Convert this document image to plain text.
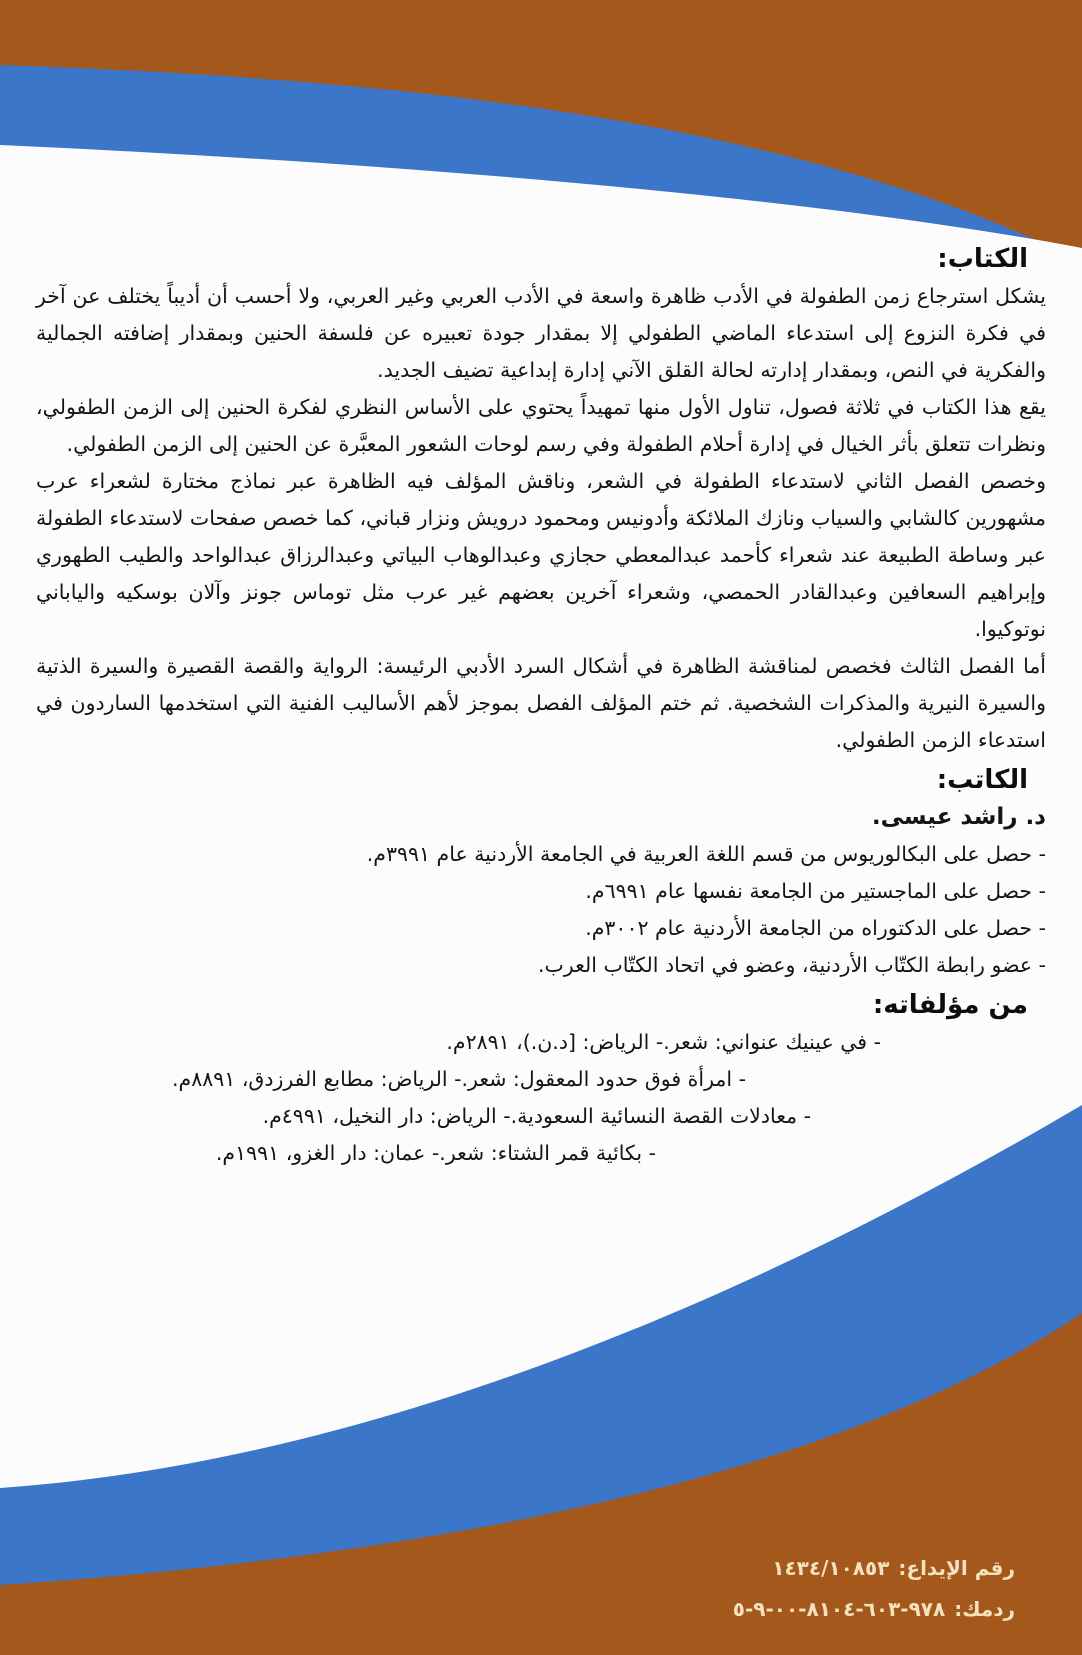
الكتاب:

يشكل استرجاع زمن الطفولة في الأدب ظاهرة واسعة في الأدب العربي وغير العربي، ولا أحسب أن أديباً يختلف عن آخر في فكرة النزوع إلى استدعاء الماضي الطفولي إلا بمقدار جودة تعبيره عن فلسفة الحنين وبمقدار إضافته الجمالية والفكرية في النص، وبمقدار إدارته لحالة القلق الآني إدارة إبداعية تضيف الجديد.

يقع هذا الكتاب في ثلاثة فصول، تناول الأول منها تمهيداً يحتوي على الأساس النظري لفكرة الحنين إلى الزمن الطفولي، ونظرات تتعلق بأثر الخيال في إدارة أحلام الطفولة وفي رسم لوحات الشعور المعبَّرة عن الحنين إلى الزمن الطفولي.

وخصص الفصل الثاني لاستدعاء الطفولة في الشعر، وناقش المؤلف فيه الظاهرة عبر نماذج مختارة لشعراء عرب مشهورين كالشابي والسياب ونازك الملائكة وأدونيس ومحمود درويش ونزار قباني، كما خصص صفحات لاستدعاء الطفولة عبر وساطة الطبيعة عند شعراء كأحمد عبدالمعطي حجازي وعبدالوهاب البياتي وعبدالرزاق عبدالواحد والطيب الطهوري وإبراهيم السعافين وعبدالقادر الحمصي، وشعراء آخرين بعضهم غير عرب مثل توماس جونز وآلان بوسكيه والياباني نوتوكيوا.

أما الفصل الثالث فخصص لمناقشة الظاهرة في أشكال السرد الأدبي الرئيسة: الرواية والقصة القصيرة والسيرة الذتية والسيرة النيرية والمذكرات الشخصية. ثم ختم المؤلف الفصل بموجز لأهم الأساليب الفنية التي استخدمها الساردون في استدعاء الزمن الطفولي.

الكاتب:

د. راشد عيسى.

- حصل على البكالوريوس من قسم اللغة العربية في الجامعة الأردنية عام ٣٩٩١م.

- حصل على الماجستير من الجامعة نفسها عام ٦٩٩١م.

- حصل على الدكتوراه من الجامعة الأردنية عام ٣٠٠٢م.

- عضو رابطة الكتّاب الأردنية، وعضو في اتحاد الكتّاب العرب.

من مؤلفاته:

- في عينيك عنواني: شعر.- الرياض: [د.ن.)، ٢٨٩١م.

- امرأة فوق حدود المعقول: شعر.- الرياض: مطابع الفرزدق، ٨٨٩١م.

- معادلات القصة النسائية السعودية.- الرياض: دار النخيل، ٤٩٩١م.

- بكائية قمر الشتاء: شعر.- عمان: دار الغزو، ١٩٩١م.

رقم الإيداع:
١٤٣٤/١٠٨٥٣
ردمك:
٩٧٨-٦٠٣-٨١٠٤-٠٠-٩-٥
